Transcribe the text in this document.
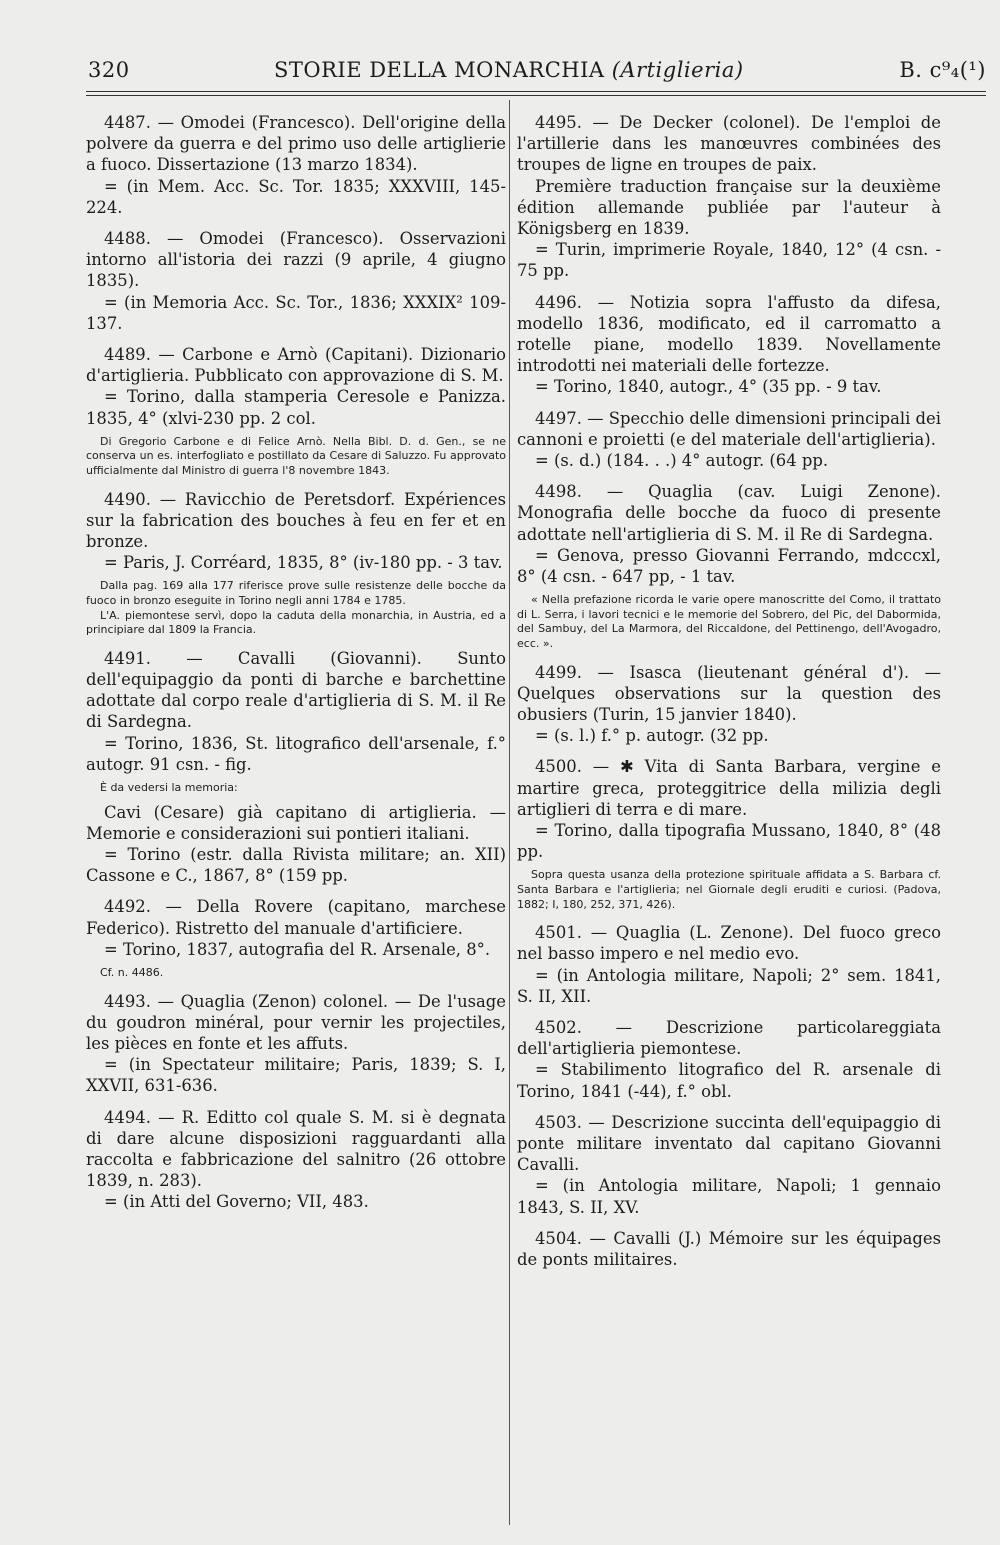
320	STORIE DELLA MONARCHIA (Artiglieria)	B. c⁹₄(¹)

4487. — Omodei (Francesco). Dell'origine della polvere da guerra e del primo uso delle artiglierie a fuoco. Dissertazione (13 marzo 1834).

= (in Mem. Acc. Sc. Tor. 1835; XXXVIII, 145-224.

4488. — Omodei (Francesco). Osservazioni intorno all'istoria dei razzi (9 aprile, 4 giugno 1835).

= (in Memoria Acc. Sc. Tor., 1836; XXXIX² 109-137.

4489. — Carbone e Arnò (Capitani). Dizionario d'artiglieria. Pubblicato con approvazione di S. M.

= Torino, dalla stamperia Ceresole e Panizza. 1835, 4° (xlvi-230 pp. 2 col.

Di Gregorio Carbone e di Felice Arnò. Nella Bibl. D. d. Gen., se ne conserva un es. interfogliato e postillato da Cesare di Saluzzo. Fu approvato ufficialmente dal Ministro di guerra l'8 novembre 1843.

4490. — Ravicchio de Peretsdorf. Expériences sur la fabrication des bouches à feu en fer et en bronze.

= Paris, J. Corréard, 1835, 8° (iv-180 pp. - 3 tav.

Dalla pag. 169 alla 177 riferisce prove sulle resistenze delle bocche da fuoco in bronzo eseguite in Torino negli anni 1784 e 1785.

L'A. piemontese servì, dopo la caduta della monarchia, in Austria, ed a principiare dal 1809 la Francia.

4491. — Cavalli (Giovanni). Sunto dell'equipaggio da ponti di barche e barchettine adottate dal corpo reale d'artiglieria di S. M. il Re di Sardegna.

= Torino, 1836, St. litografico dell'arsenale, f.° autogr. 91 csn. - fig.

È da vedersi la memoria:

Cavi (Cesare) già capitano di artiglieria. — Memorie e considerazioni sui pontieri italiani.

= Torino (estr. dalla Rivista militare; an. XII) Cassone e C., 1867, 8° (159 pp.

4492. — Della Rovere (capitano, marchese Federico). Ristretto del manuale d'artificiere.

= Torino, 1837, autografia del R. Arsenale, 8°.

Cf. n. 4486.

4493. — Quaglia (Zenon) colonel. — De l'usage du goudron minéral, pour vernir les projectiles, les pièces en fonte et les affuts.

= (in Spectateur militaire; Paris, 1839; S. I, XXVII, 631-636.

4494. — R. Editto col quale S. M. si è degnata di dare alcune disposizioni ragguardanti alla raccolta e fabbricazione del salnitro (26 ottobre 1839, n. 283).

= (in Atti del Governo; VII, 483.

4495. — De Decker (colonel). De l'emploi de l'artillerie dans les manœuvres combinées des troupes de ligne en troupes de paix.

Première traduction française sur la deuxième édition allemande publiée par l'auteur à Königsberg en 1839.

= Turin, imprimerie Royale, 1840, 12° (4 csn. - 75 pp.

4496. — Notizia sopra l'affusto da difesa, modello 1836, modificato, ed il carromatto a rotelle piane, modello 1839. Novellamente introdotti nei materiali delle fortezze.

= Torino, 1840, autogr., 4° (35 pp. - 9 tav.

4497. — Specchio delle dimensioni principali dei cannoni e proietti (e del materiale dell'artiglieria).

= (s. d.) (184. . .) 4° autogr. (64 pp.

4498. — Quaglia (cav. Luigi Zenone). Monografia delle bocche da fuoco di presente adottate nell'artiglieria di S. M. il Re di Sardegna.

= Genova, presso Giovanni Ferrando, mdcccxl, 8° (4 csn. - 647 pp, - 1 tav.

« Nella prefazione ricorda le varie opere manoscritte del Como, il trattato di L. Serra, i lavori tecnici e le memorie del Sobrero, del Pic, del Dabormida, del Sambuy, del La Marmora, del Riccaldone, del Pettinengo, dell'Avogadro, ecc. ».

4499. — Isasca (lieutenant général d'). — Quelques observations sur la question des obusiers (Turin, 15 janvier 1840).

= (s. l.) f.° p. autogr. (32 pp.

4500. — ✱ Vita di Santa Barbara, vergine e martire greca, proteggitrice della milizia degli artiglieri di terra e di mare.

= Torino, dalla tipografia Mussano, 1840, 8° (48 pp.

Sopra questa usanza della protezione spirituale affidata a S. Barbara cf. Santa Barbara e l'artiglieria; nel Giornale degli eruditi e curiosi. (Padova, 1882; I, 180, 252, 371, 426).

4501. — Quaglia (L. Zenone). Del fuoco greco nel basso impero e nel medio evo.

= (in Antologia militare, Napoli; 2° sem. 1841, S. II, XII.

4502. — Descrizione particolareggiata dell'artiglieria piemontese.

= Stabilimento litografico del R. arsenale di Torino, 1841 (-44), f.° obl.

4503. — Descrizione succinta dell'equipaggio di ponte militare inventato dal capitano Giovanni Cavalli.

= (in Antologia militare, Napoli; 1 gennaio 1843, S. II, XV.

4504. — Cavalli (J.) Mémoire sur les équipages de ponts militaires.
